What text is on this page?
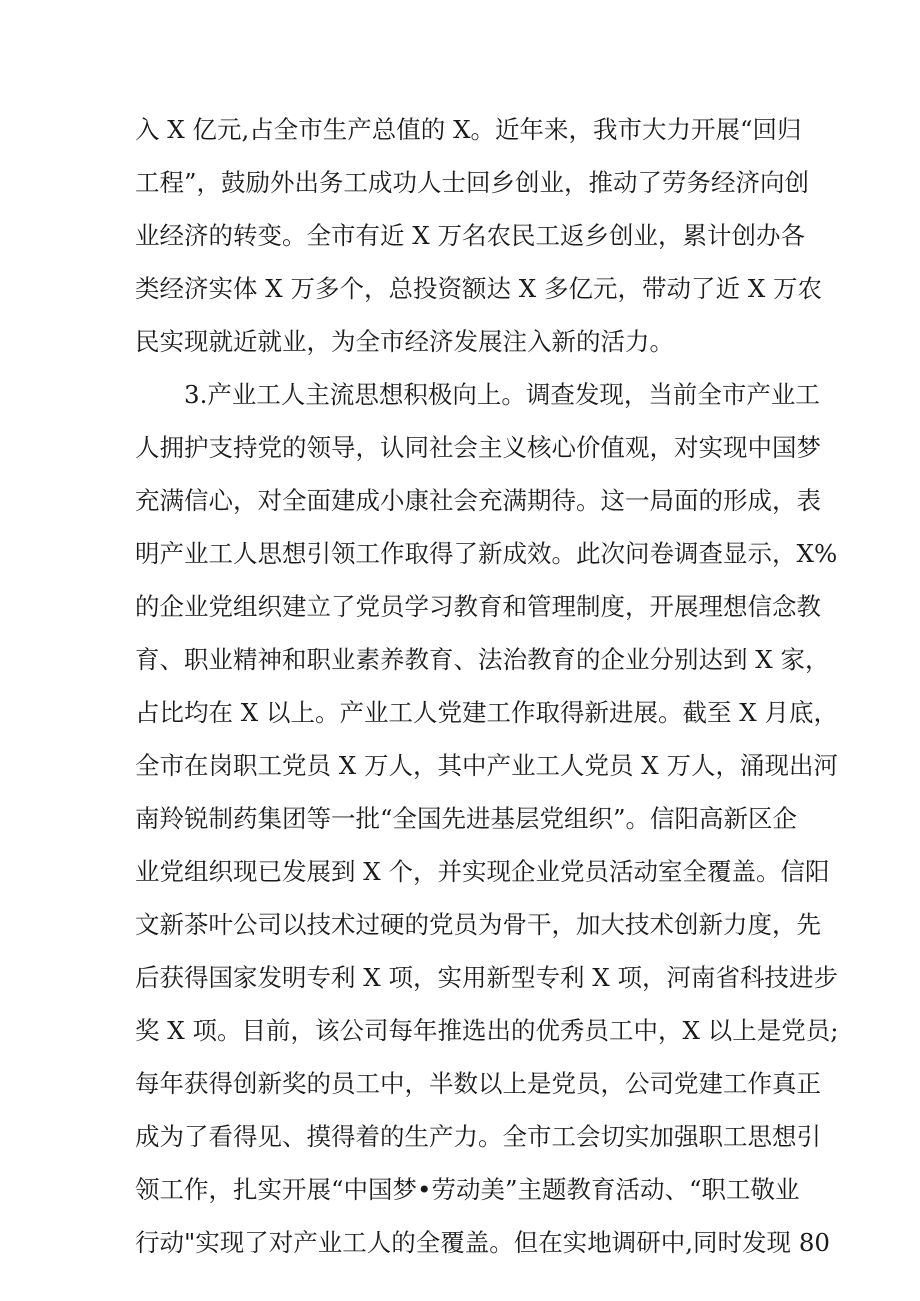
入 X 亿元,占全市生产总值的 X。近年来，我市大力开展“回归
工程”，鼓励外出务工成功人士回乡创业，推动了劳务经济向创
业经济的转变。全市有近 X 万名农民工返乡创业，累计创办各
类经济实体 X 万多个，总投资额达 X 多亿元，带动了近 X 万农
民实现就近就业，为全市经济发展注入新的活力。
3.产业工人主流思想积极向上。调查发现，当前全市产业工
人拥护支持党的领导，认同社会主义核心价值观，对实现中国梦
充满信心，对全面建成小康社会充满期待。这一局面的形成，表
明产业工人思想引领工作取得了新成效。此次问卷调查显示，X%
的企业党组织建立了党员学习教育和管理制度，开展理想信念教
育、职业精神和职业素养教育、法治教育的企业分别达到 X 家，
占比均在 X 以上。产业工人党建工作取得新进展。截至 X 月底，
全市在岗职工党员 X 万人，其中产业工人党员 X 万人，涌现出河
南羚锐制药集团等一批“全国先进基层党组织”。信阳高新区企
业党组织现已发展到 X 个，并实现企业党员活动室全覆盖。信阳
文新茶叶公司以技术过硬的党员为骨干，加大技术创新力度，先
后获得国家发明专利 X 项，实用新型专利 X 项，河南省科技进步
奖 X 项。目前，该公司每年推选出的优秀员工中，X 以上是党员;
每年获得创新奖的员工中，半数以上是党员，公司党建工作真正
成为了看得见、摸得着的生产力。全市工会切实加强职工思想引
领工作，扎实开展“中国梦•劳动美”主题教育活动、“职工敬业
行动"实现了对产业工人的全覆盖。但在实地调研中,同时发现 80
